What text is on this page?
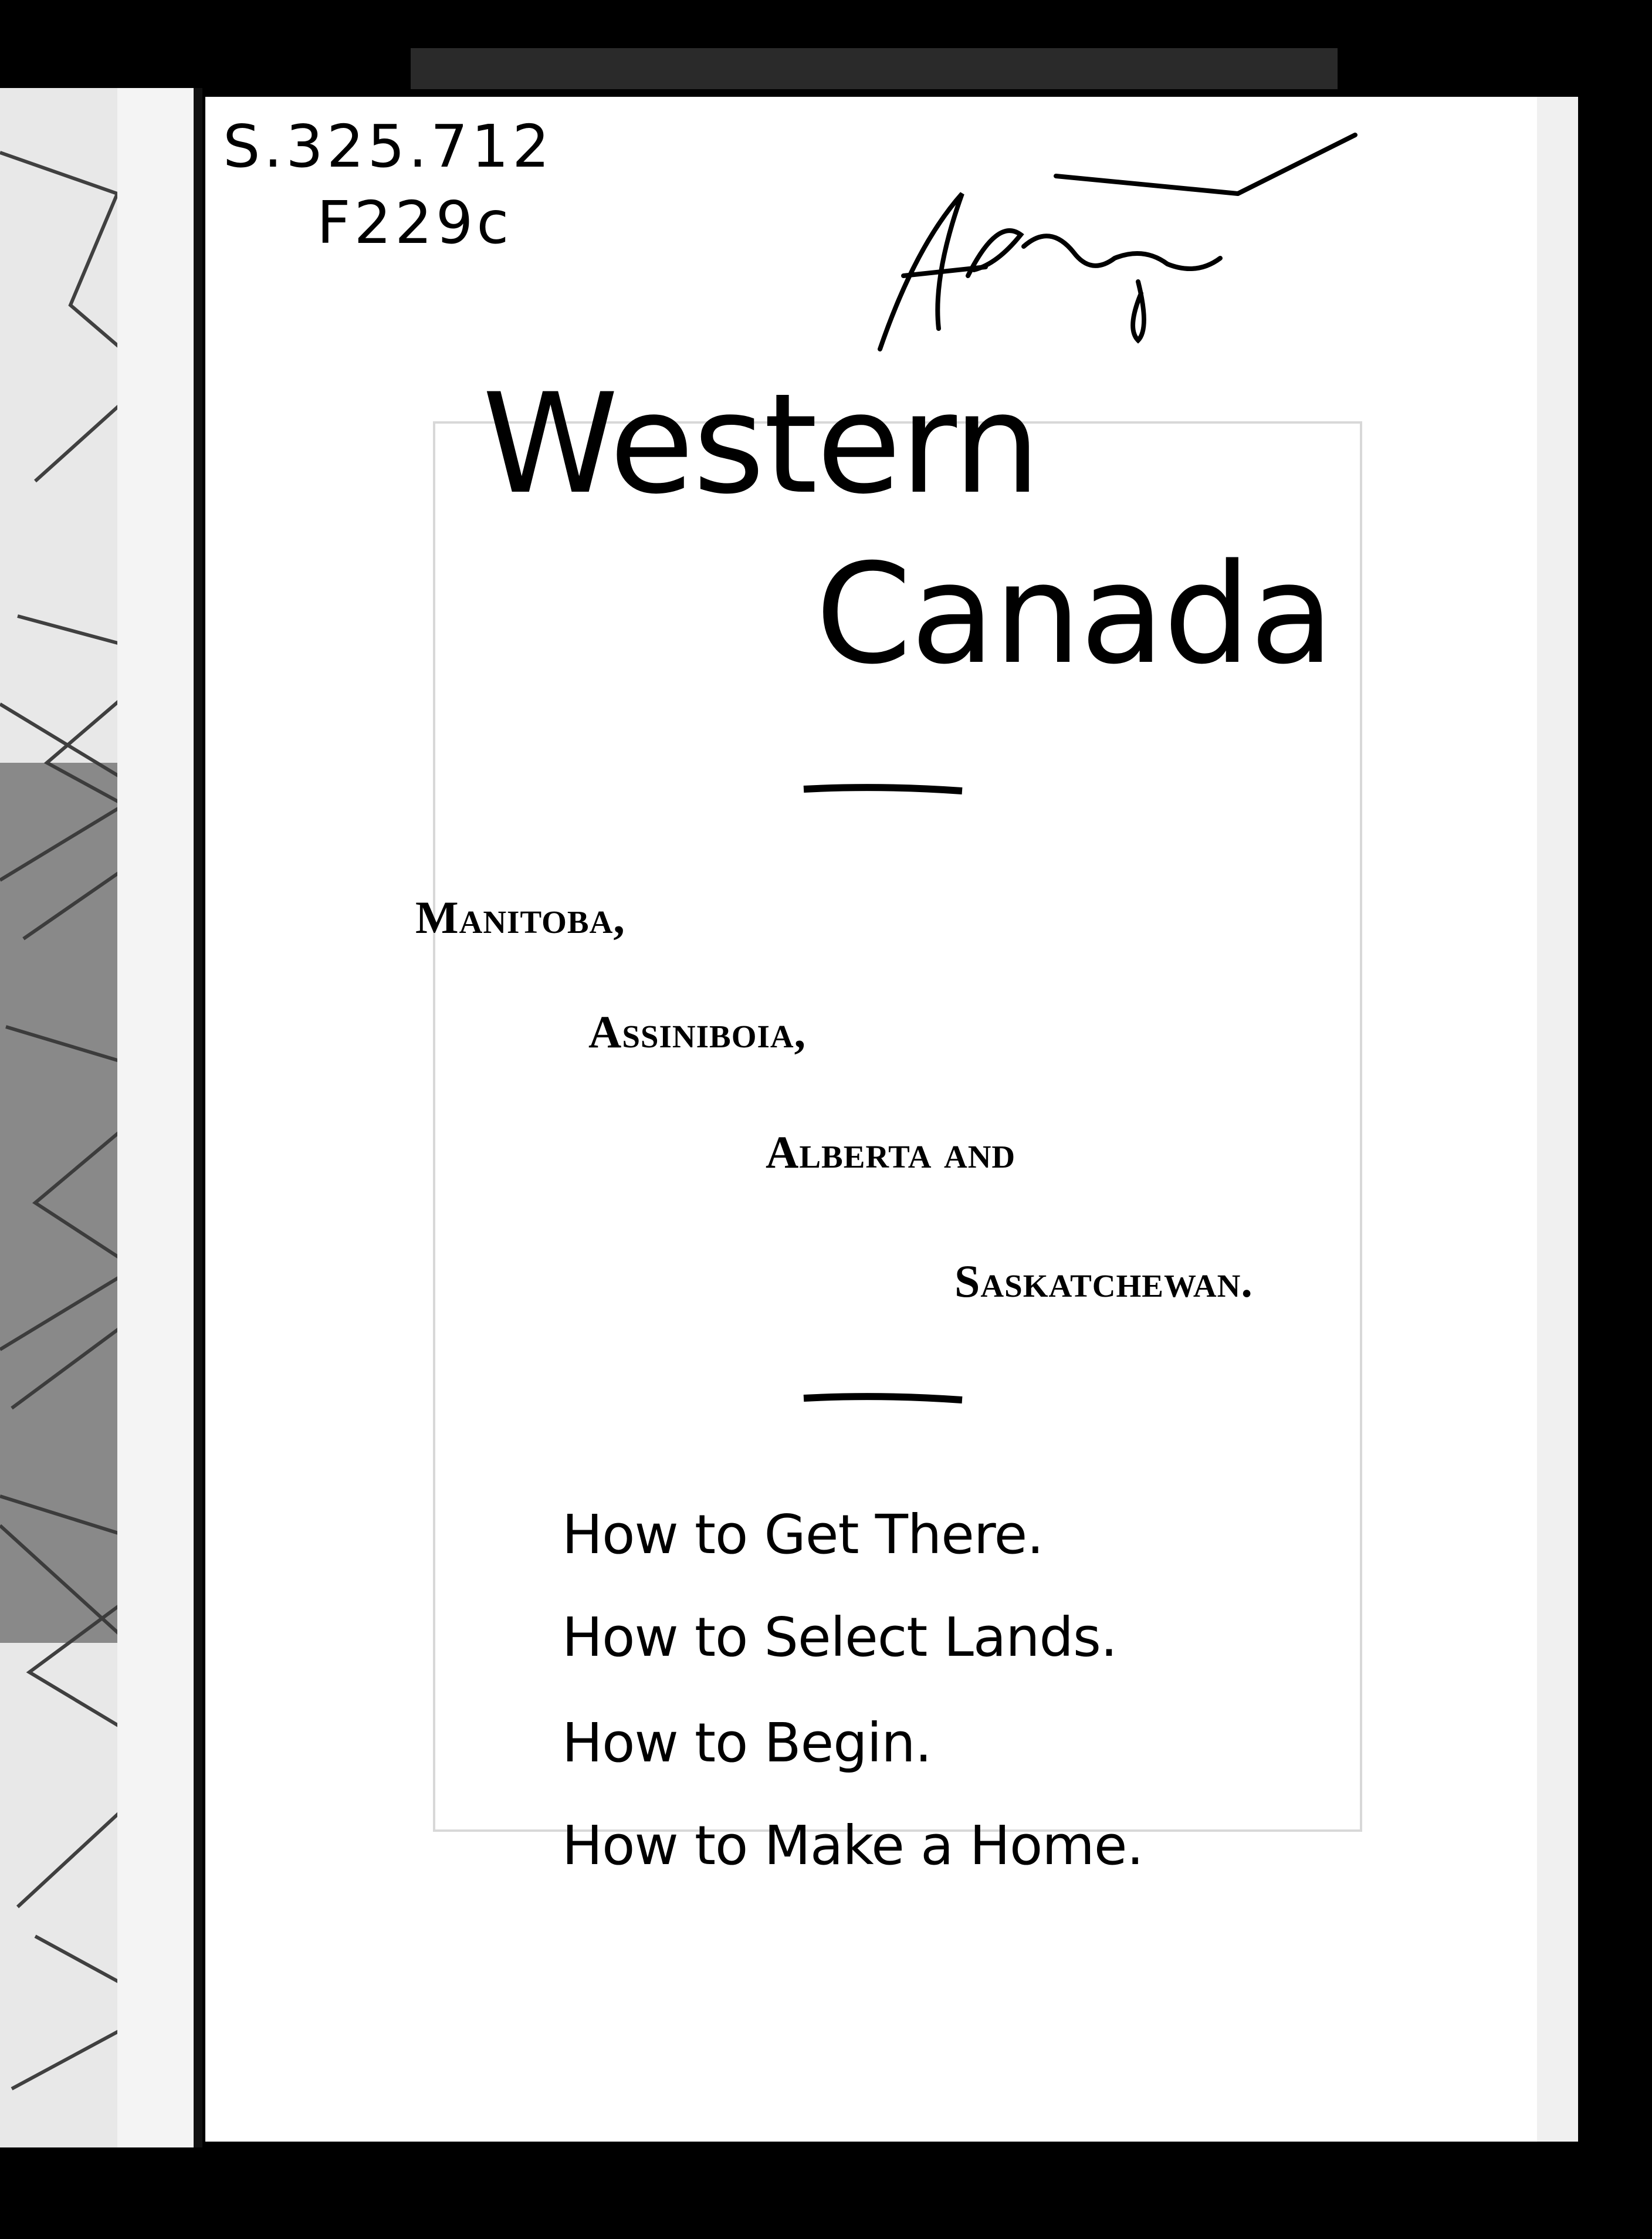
S.325.712
F229c
Western
Canada
Manitoba,
Assiniboia,
Alberta and
Saskatchewan.
How to Get There.
How to Select Lands.
How to Begin.
How to Make a Home.
